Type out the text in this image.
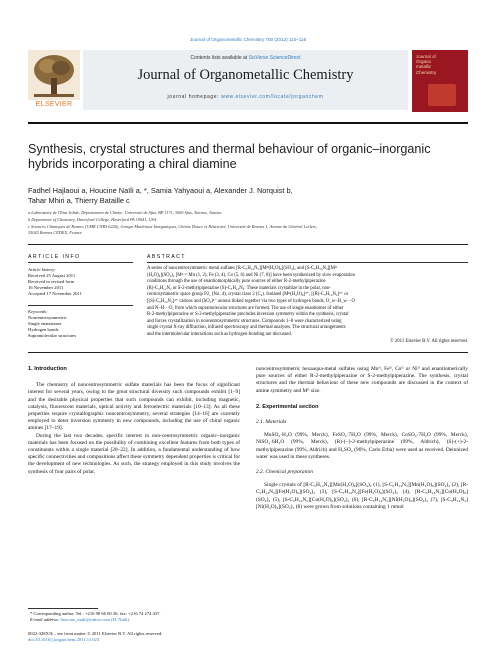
Journal of Organometallic Chemistry 700 (2012) 110–116
ELSEVIER
Contents lists available at SciVerse ScienceDirect
Journal of Organometallic Chemistry
journal homepage: www.elsevier.com/locate/jorganchem
Journal of Organo metallic Chemistry
Synthesis, crystal structures and thermal behaviour of organic–inorganic hybrids incorporating a chiral diamine
Fadhel Hajlaoui a, Houcine Naïli a, *, Samia Yahyaoui a, Alexander J. Norquist b,
Tahar Mhiri a, Thierry Bataille c
a Laboratoire de l'Etat Solide, Département de Chimie, Université de Sfax, BP 1171, 3000 Sfax, Tunisia, Tunisia
b Department of Chemistry, Haverford College, Haverford PA 19041, USA
c Sciences Chimiques de Rennes (UMR CNRS 6226), Groupe Matériaux Inorganiques, Chimie Douce et Réactivité, Université de Rennes 1, Avenue du Général Leclerc,
35042 Rennes CEDEX, France
ARTICLE INFO
Article history:
Received 25 August 2011
Received in revised form
16 November 2011
Accepted 17 November 2011
Keywords:
Noncentrosymmetric
Single enantiomer
Hydrogen bonds
Supramolecular structures
ABSTRACT
A series of noncentrosymmetric metal sulfates [R-C₅H₁₄N₂][Mᴵᴵ(H₂O)₆](SO₄)₂ and [S-C₅H₁₄N₂][Mᴵᴵ
(H₂O)₆](SO₄)₂ [Mᴵᴵ = Mn (1, 2), Fe (3, 4), Co (5, 6) and Ni (7, 8)] have been synthesized by slow evaporation
conditions through the use of enantiomorphically pure sources of either R-2-methylpiperazine
(R)-C₅H₁₂N₂ or S-2-methylpiperazine (S)-C₅H₁₂N₂. These materials crystallize in the polar, non-
centrosymmetric space group P2₁ (No. 4), crystal class 2 (C₂). Isolated [Mᴵᴵ(H₂O)₆]²⁺, [(R)-C₅H₁₄N₂]²⁺ or
[(S)-C₅H₁₄N₂]²⁺ cations and (SO₄)²⁻ anions linked together via two types of hydrogen bonds, O_w–H_w···O
and N–H···O, from which supramolecular structures are formed. The use of single enantiomer of either
R-2-methylpiperazine or S-2-methylpiperazine precludes inversion symmetry within the synthesis, crystal
and forces crystallization in noncentrosymmetric structures. Compounds 1–8 were characterized using
single crystal X-ray diffraction, infrared spectroscopy and thermal analyses. The structural arrangements
and the intermolecular interactions such as hydrogen-bonding are discussed.
© 2011 Elsevier B.V. All rights reserved.
1. Introduction

The chemistry of noncentrosymmetric sulfate materials has been the focus of significant interest for several years, owing to the great structural diversity such compounds exhibit [1–9] and the desirable physical properties that such compounds can exhibit, including magnetic, catalysis, fluorescent materials, optical activity and ferroelectric materials [10–13]. As all these properties require crystallographic noncentrosymmetry, several strategies [14–16] are currently employed to deter inversion symmetry in new compounds, including the use of chiral organic amines [17–19].

During the last two decades, specific interest in non-centrosymmetric organic–inorganic materials has been focused on the possibility of combining excellent features from both types of constituents within a single material [20–22]. In addition, a fundamental understanding of how specific connectivities and compositions affect these symmetry dependent properties is critical for the development of new technologies. As such, the strategy employed in this study involves the synthesis of four pairs of polar,

noncentrosymmetric hexaaqua-metal sulfates using Mnᴵᴵ, Feᴵᴵ, Coᴵᴵ or Niᴵᴵ and enantiomerically pure sources of either R-2-methylpiperazine or S-2-methylpiperazine. The synthesis, crystal structures and the thermal behaviour of these new compounds are discussed in the context of amine symmetry and Mᴵᴵ size.

2. Experimental section
2.1. Materials

MnSO₄·H₂O (99%, Merck), FeSO₄·7H₂O (99%, Merck), CoSO₄·7H₂O (99%, Merck), NiSO₄·6H₂O (99%, Merck), (R)-(−)-2-methylpiperazine (99%, Aldrich), (S)-(+)-2-methylpiperazine (99%, Aldrich) and H₂SO₄ (96%, Carlo Erba) were used as received. Deionized water was used in these syntheses.

2.2. Chemical preparation

Single crystals of [R-C₅H₁₄N₂][Mn(H₂O)₆](SO₄)₂ (1), [S-C₅H₁₄N₂][Mn(H₂O)₆](SO₄)₂ (2), [R-C₅H₁₄N₂][Fe(H₂O)₆](SO₄)₂ (3), [S-C₅H₁₄N₂][Fe(H₂O)₆](SO₄)₂ (4), [R-C₅H₁₄N₂][Co(H₂O)₆](SO₄)₂ (5), [S-C₅H₁₄N₂][Co(H₂O)₆](SO₄)₂ (6), [R-C₅H₁₄N₂][Ni(H₂O)₆](SO₄)₂ (7), [S-C₅H₁₄N₂][Ni(H₂O)₆](SO₄)₂ (8) were grown from solutions containing 1 mmol

* Corresponding author. Tel.: +216 98 66 00 26; fax: +216 74 274 437.
E-mail address: houcine_naili@yahoo.com (H. Naïli).
0022-328X/$ – see front matter © 2011 Elsevier B.V. All rights reserved.
doi:10.1016/j.jorganchem.2011.11.023
